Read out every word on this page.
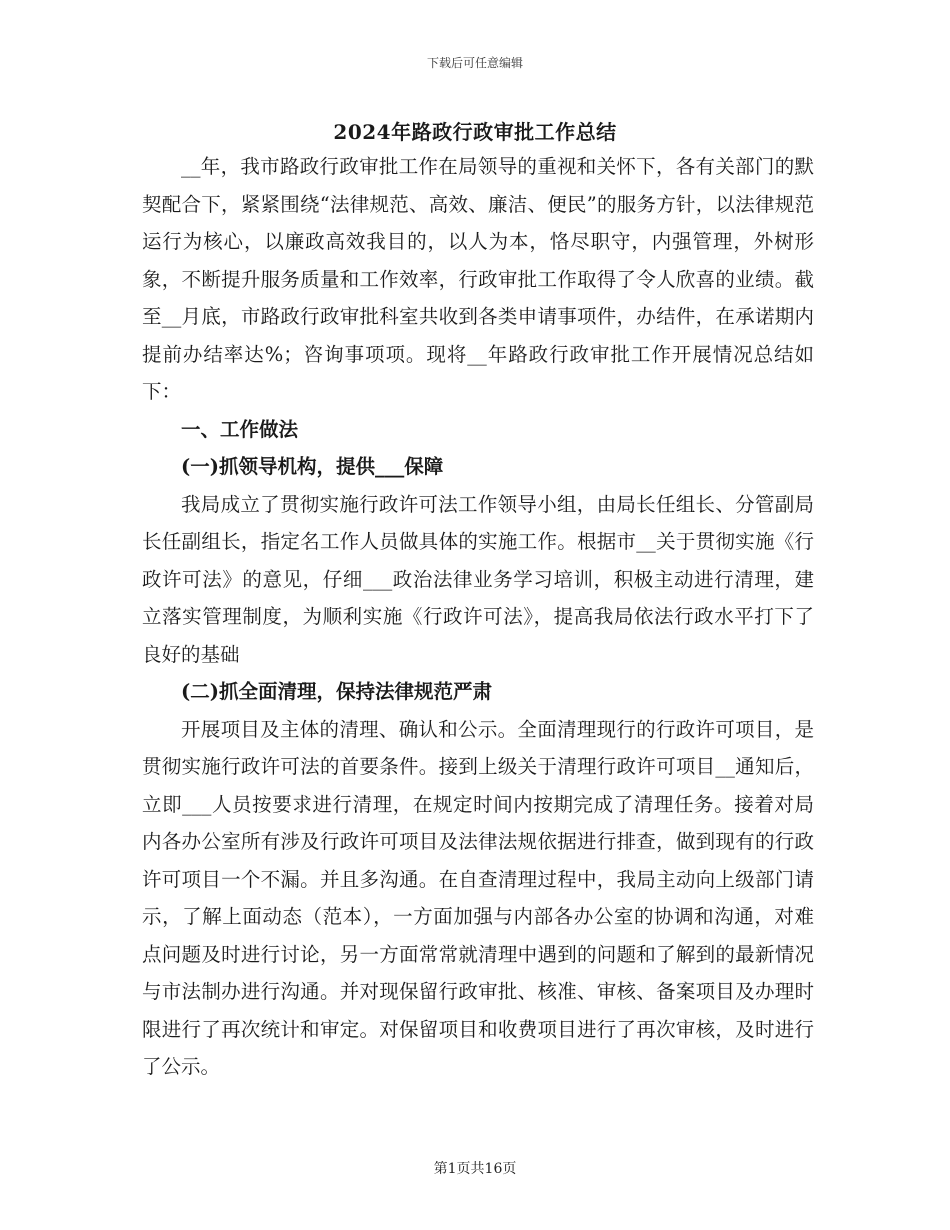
下载后可任意编辑
2024年路政行政审批工作总结

__年，我市路政行政审批工作在局领导的重视和关怀下，各有关部门的默契配合下，紧紧围绕“法律规范、高效、廉洁、便民”的服务方针，以法律规范运行为核心，以廉政高效我目的，以人为本，恪尽职守，内强管理，外树形象，不断提升服务质量和工作效率，行政审批工作取得了令人欣喜的业绩。截至__月底，市路政行政审批科室共收到各类申请事项件，办结件，在承诺期内提前办结率达%；咨询事项项。现将__年路政行政审批工作开展情况总结如下：

一、工作做法

(一)抓领导机构，提供___保障

我局成立了贯彻实施行政许可法工作领导小组，由局长任组长、分管副局长任副组长，指定名工作人员做具体的实施工作。根据市__关于贯彻实施《行政许可法》的意见，仔细___政治法律业务学习培训，积极主动进行清理，建立落实管理制度，为顺利实施《行政许可法》，提高我局依法行政水平打下了良好的基础

(二)抓全面清理，保持法律规范严肃

开展项目及主体的清理、确认和公示。全面清理现行的行政许可项目，是贯彻实施行政许可法的首要条件。接到上级关于清理行政许可项目__通知后，立即___人员按要求进行清理，在规定时间内按期完成了清理任务。接着对局内各办公室所有涉及行政许可项目及法律法规依据进行排查，做到现有的行政许可项目一个不漏。并且多沟通。在自查清理过程中，我局主动向上级部门请示，了解上面动态（范本），一方面加强与内部各办公室的协调和沟通，对难点问题及时进行讨论，另一方面常常就清理中遇到的问题和了解到的最新情况与市法制办进行沟通。并对现保留行政审批、核准、审核、备案项目及办理时限进行了再次统计和审定。对保留项目和收费项目进行了再次审核，及时进行了公示。

第1页共16页
